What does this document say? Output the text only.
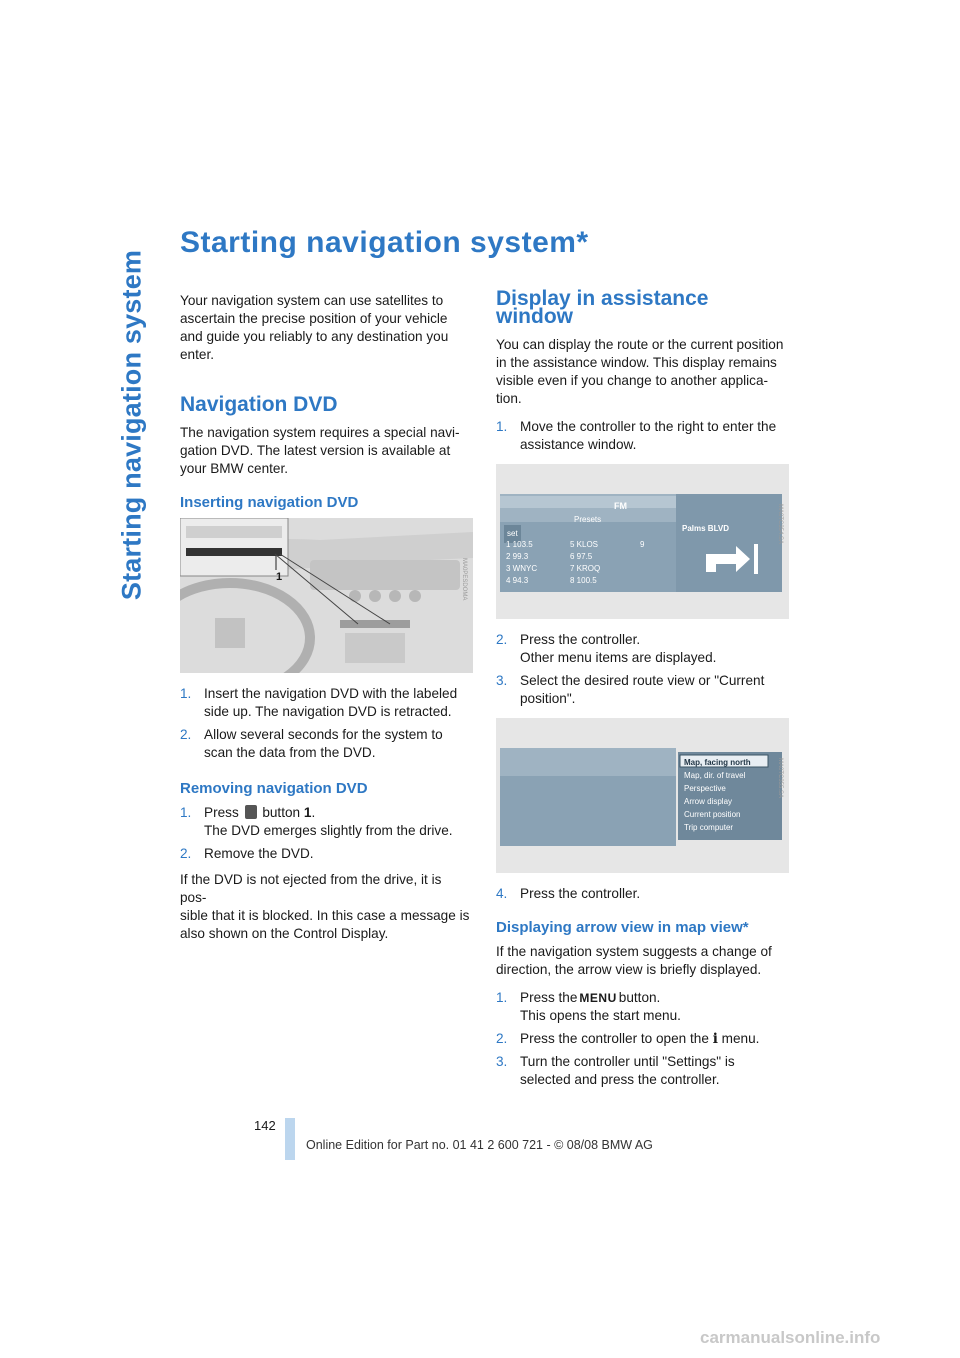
Starting navigation system
Starting navigation system*

Your navigation system can use satellites to ascertain the precise position of your vehicle and guide you reliably to any destination you enter.

Navigation DVD

The navigation system requires a special navi-
gation DVD. The latest version is available at
your BMW center.

Inserting navigation DVD
1	MA0PESDOMA
1. Insert the navigation DVD with the labeled
side up. The navigation DVD is retracted.
2. Allow several seconds for the system to
scan the data from the DVD.
Removing navigation DVD
1. Press button 1.
The DVD emerges slightly from the drive.
2. Remove the DVD.

If the DVD is not ejected from the drive, it is pos-
sible that it is blocked. In this case a message is
also shown on the Control Display.

Display in assistance window

You can display the route or the current position
in the assistance window. This display remains
visible even if you change to another applica-
tion.

1. Move the controller to the right to enter the
assistance window.
FM
Presets
set
1 103.5	5 KLOS	9
2 99.3	6 97.5
3 WNYC	7 KROQ
4 94.3	8 100.5
Palms BLVD	MA0TC354.SA
2. Press the controller.
Other menu items are displayed.
3. Select the desired route view or "Current
position".
Map, facing north
Map, dir. of travel
Perspective
Arrow display
Current position
Trip computer
MA0TC355.SA
4. Press the controller.
Displaying arrow view in map view*

If the navigation system suggests a change of
direction, the arrow view is briefly displayed.

1. Press the MENU button.
This opens the start menu.
2. Press the controller to open the i menu.
3. Turn the controller until "Settings" is
selected and press the controller.
142
Online Edition for Part no. 01 41 2 600 721 - © 08/08 BMW AG
carmanualsonline.info
